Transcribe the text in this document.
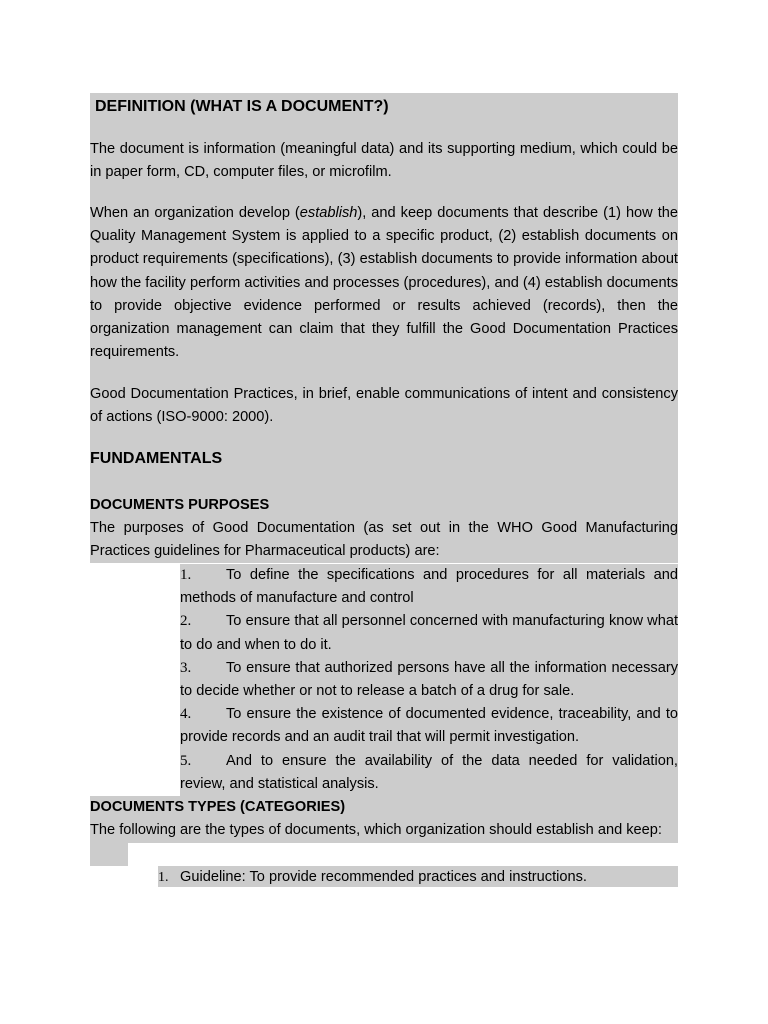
DEFINITION (WHAT IS A DOCUMENT?)
The document is information (meaningful data) and its supporting medium, which could be in paper form, CD, computer files, or microfilm.
When an organization develop (establish), and keep documents that describe (1) how the Quality Management System is applied to a specific product, (2) establish documents on product requirements (specifications), (3) establish documents to provide information about how the facility perform activities and processes (procedures), and (4) establish documents to provide objective evidence performed or results achieved (records), then the organization management can claim that they fulfill the Good Documentation Practices requirements.
Good Documentation Practices, in brief, enable communications of intent and consistency of actions (ISO-9000: 2000).
FUNDAMENTALS
DOCUMENTS PURPOSES
The purposes of Good Documentation (as set out in the WHO Good Manufacturing Practices guidelines for Pharmaceutical products) are:
1. To define the specifications and procedures for all materials and methods of manufacture and control
2. To ensure that all personnel concerned with manufacturing know what to do and when to do it.
3. To ensure that authorized persons have all the information necessary to decide whether or not to release a batch of a drug for sale.
4. To ensure the existence of documented evidence, traceability, and to provide records and an audit trail that will permit investigation.
5. And to ensure the availability of the data needed for validation, review, and statistical analysis.
DOCUMENTS TYPES (CATEGORIES)
The following are the types of documents, which organization should establish and keep:
1. Guideline: To provide recommended practices and instructions.
